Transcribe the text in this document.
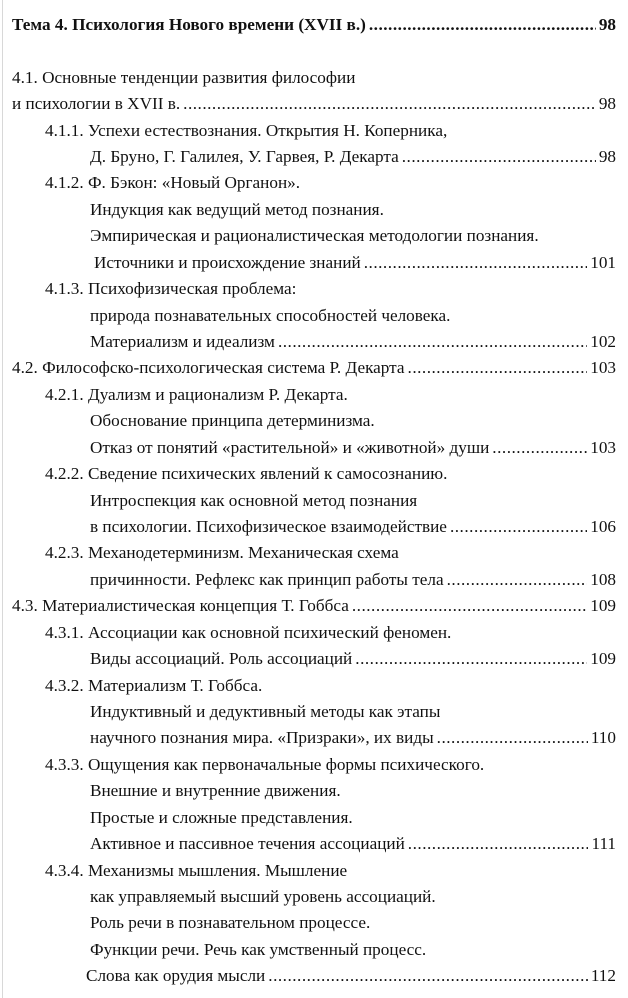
Тема 4. Психология Нового времени (XVII в.) .....	98
4.1. Основные тенденции развития философии
и психологии в XVII в. .....	98
4.1.1. Успехи естествознания. Открытия Н. Коперника,
Д. Бруно, Г. Галилея, У. Гарвея, Р. Декарта .....	98
4.1.2. Ф. Бэкон: «Новый Органон».
Индукция как ведущий метод познания.
Эмпирическая и рационалистическая методологии познания.
Источники и происхождение знаний .....	101
4.1.3. Психофизическая проблема:
природа познавательных способностей человека.
Материализм и идеализм .....	102
4.2. Философско-психологическая система Р. Декарта .....	103
4.2.1. Дуализм и рационализм Р. Декарта.
Обоснование принципа детерминизма.
Отказ от понятий «растительной» и «животной» души .....	103
4.2.2. Сведение психических явлений к самосознанию.
Интроспекция как основной метод познания
в психологии. Психофизическое взаимодействие .....	106
4.2.3. Механодетерминизм. Механическая схема
причинности. Рефлекс как принцип работы тела .....	108
4.3. Материалистическая концепция Т. Гоббса .....	109
4.3.1. Ассоциации как основной психический феномен.
Виды ассоциаций. Роль ассоциаций .....	109
4.3.2. Материализм Т. Гоббса.
Индуктивный и дедуктивный методы как этапы
научного познания мира. «Призраки», их виды .....	110
4.3.3. Ощущения как первоначальные формы психического.
Внешние и внутренние движения.
Простые и сложные представления.
Активное и пассивное течения ассоциаций .....	111
4.3.4. Механизмы мышления. Мышление
как управляемый высший уровень ассоциаций.
Роль речи в познавательном процессе.
Функции речи. Речь как умственный процесс.
Слова как орудия мысли .....	112
